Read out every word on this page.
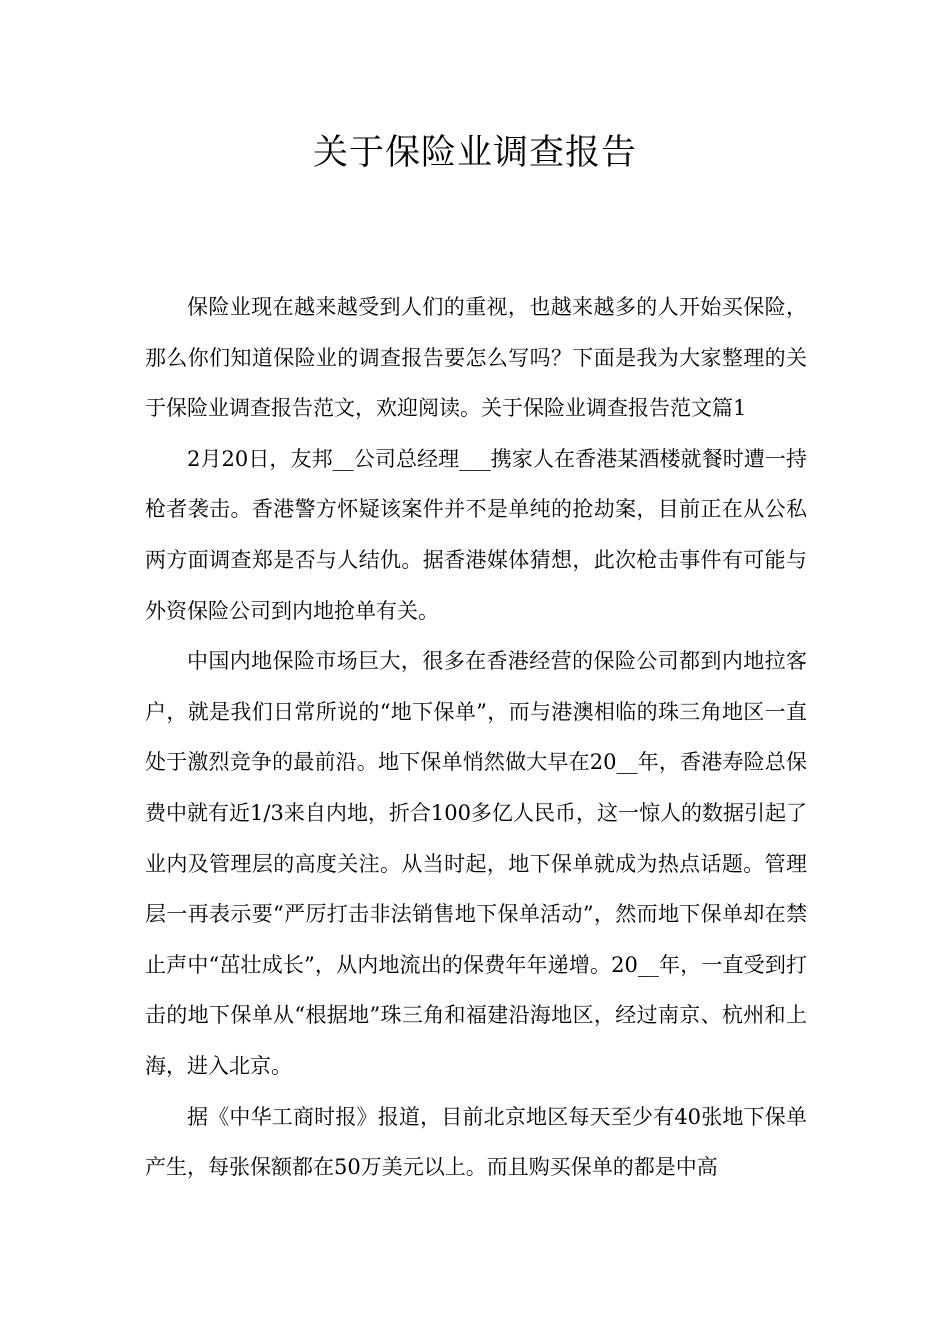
关于保险业调查报告

保险业现在越来越受到人们的重视，也越来越多的人开始买保险，那么你们知道保险业的调查报告要怎么写吗？下面是我为大家整理的关于保险业调查报告范文，欢迎阅读。关于保险业调查报告范文篇1

2月20日，友邦__公司总经理___携家人在香港某酒楼就餐时遭一持枪者袭击。香港警方怀疑该案件并不是单纯的抢劫案，目前正在从公私两方面调查郑是否与人结仇。据香港媒体猜想，此次枪击事件有可能与外资保险公司到内地抢单有关。

中国内地保险市场巨大，很多在香港经营的保险公司都到内地拉客户，就是我们日常所说的“地下保单”，而与港澳相临的珠三角地区一直处于激烈竞争的最前沿。地下保单悄然做大早在20__年，香港寿险总保费中就有近1/3来自内地，折合100多亿人民币，这一惊人的数据引起了业内及管理层的高度关注。从当时起，地下保单就成为热点话题。管理层一再表示要“严厉打击非法销售地下保单活动”，然而地下保单却在禁止声中“茁壮成长”，从内地流出的保费年年递增。20__年，一直受到打击的地下保单从“根据地”珠三角和福建沿海地区，经过南京、杭州和上海，进入北京。

据《中华工商时报》报道，目前北京地区每天至少有40张地下保单产生，每张保额都在50万美元以上。而且购买保单的都是中高
